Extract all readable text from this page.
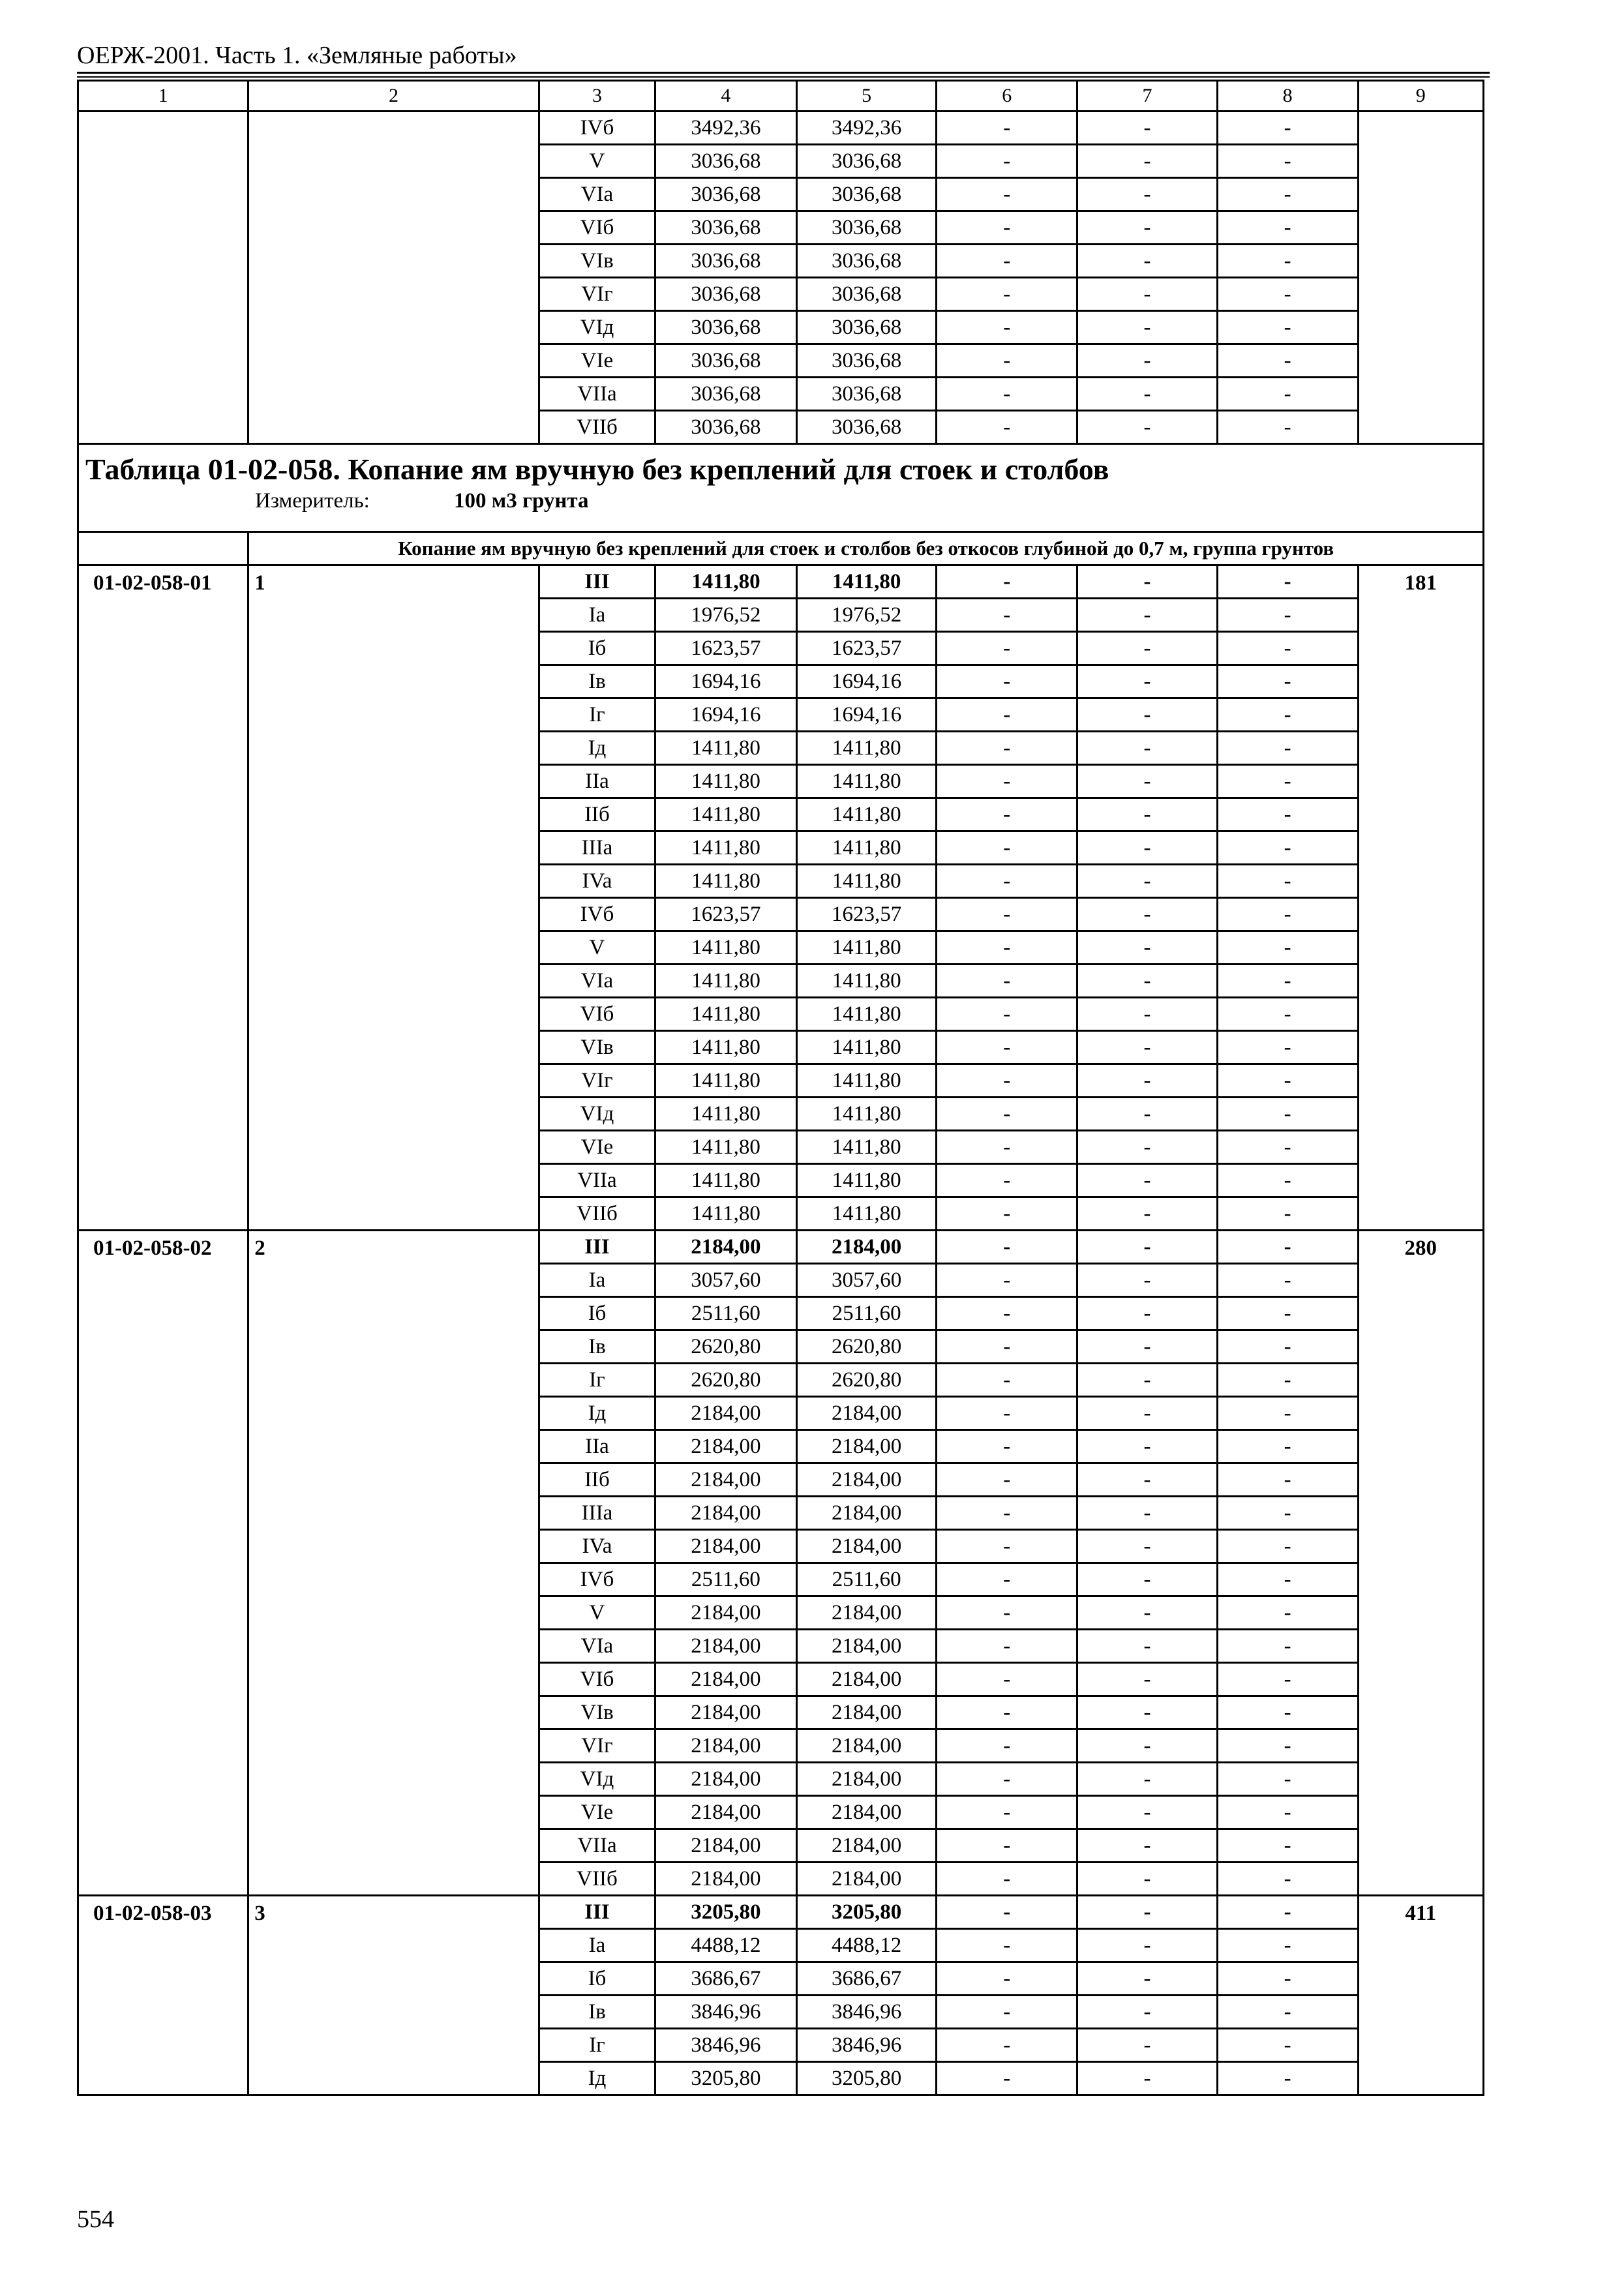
ОЕРЖ-2001. Часть 1. «Земляные работы»
1	2	3	4	5	6	7	8	9
		IVб	3492,36	3492,36	-	-	-	
		V	3036,68	3036,68	-	-	-	
		VIa	3036,68	3036,68	-	-	-	
		VIб	3036,68	3036,68	-	-	-	
		VIв	3036,68	3036,68	-	-	-	
		VIг	3036,68	3036,68	-	-	-	
		VIд	3036,68	3036,68	-	-	-	
		VIe	3036,68	3036,68	-	-	-	
		VIIa	3036,68	3036,68	-	-	-	
		VIIб	3036,68	3036,68	-	-	-	

Таблица 01-02-058. Копание ям вручную без креплений для стоек и столбов
Измеритель: 100 м3 грунта								

	Копание ям вручную без креплений для стоек и столбов без откосов глубиной до 0,7 м, группа грунтов							
01-02-058-01	1	III	1411,80	1411,80	-	-	-	181
		Ia	1976,52	1976,52	-	-	-	
		Iб	1623,57	1623,57	-	-	-	
		Iв	1694,16	1694,16	-	-	-	
		Iг	1694,16	1694,16	-	-	-	
		Iд	1411,80	1411,80	-	-	-	
		IIa	1411,80	1411,80	-	-	-	
		IIб	1411,80	1411,80	-	-	-	
		IIIa	1411,80	1411,80	-	-	-	
		IVa	1411,80	1411,80	-	-	-	
		IVб	1623,57	1623,57	-	-	-	
		V	1411,80	1411,80	-	-	-	
		VIa	1411,80	1411,80	-	-	-	
		VIб	1411,80	1411,80	-	-	-	
		VIв	1411,80	1411,80	-	-	-	
		VIг	1411,80	1411,80	-	-	-	
		VIд	1411,80	1411,80	-	-	-	
		VIe	1411,80	1411,80	-	-	-	
		VIIa	1411,80	1411,80	-	-	-	
		VIIб	1411,80	1411,80	-	-	-	
01-02-058-02	2	III	2184,00	2184,00	-	-	-	280
		Ia	3057,60	3057,60	-	-	-	
		Iб	2511,60	2511,60	-	-	-	
		Iв	2620,80	2620,80	-	-	-	
		Iг	2620,80	2620,80	-	-	-	
		Iд	2184,00	2184,00	-	-	-	
		IIa	2184,00	2184,00	-	-	-	
		IIб	2184,00	2184,00	-	-	-	
		IIIa	2184,00	2184,00	-	-	-	
		IVa	2184,00	2184,00	-	-	-	
		IVб	2511,60	2511,60	-	-	-	
		V	2184,00	2184,00	-	-	-	
		VIa	2184,00	2184,00	-	-	-	
		VIб	2184,00	2184,00	-	-	-	
		VIв	2184,00	2184,00	-	-	-	
		VIг	2184,00	2184,00	-	-	-	
		VIд	2184,00	2184,00	-	-	-	
		VIe	2184,00	2184,00	-	-	-	
		VIIa	2184,00	2184,00	-	-	-	
		VIIб	2184,00	2184,00	-	-	-	
01-02-058-03	3	III	3205,80	3205,80	-	-	-	411
		Ia	4488,12	4488,12	-	-	-	
		Iб	3686,67	3686,67	-	-	-	
		Iв	3846,96	3846,96	-	-	-	
		Iг	3846,96	3846,96	-	-	-	
		Iд	3205,80	3205,80	-	-	-	
554
